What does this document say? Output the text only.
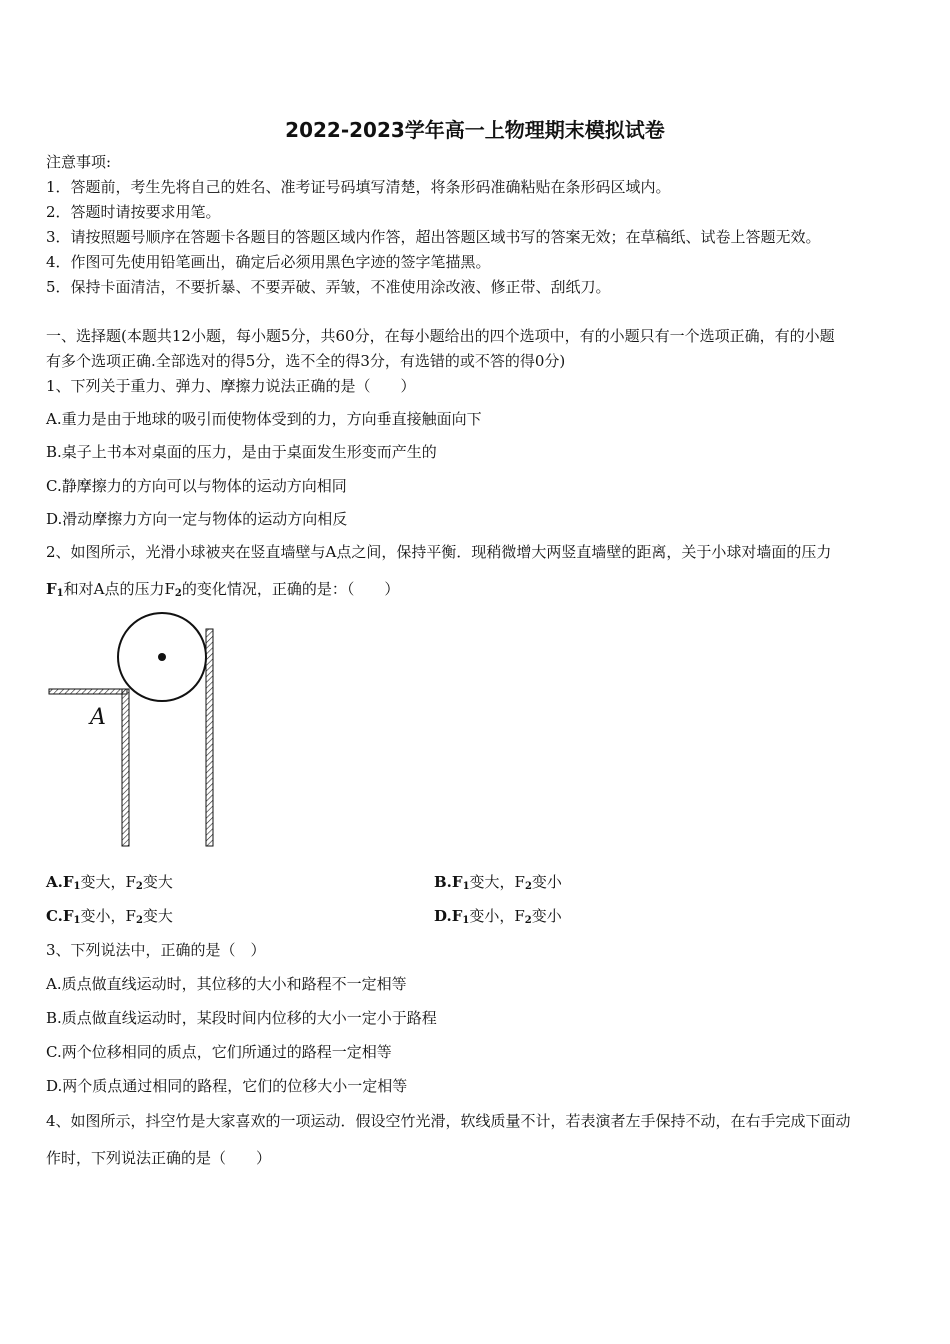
2022-2023学年高一上物理期末模拟试卷
注意事项:
1．答题前，考生先将自己的姓名、准考证号码填写清楚，将条形码准确粘贴在条形码区域内。
2．答题时请按要求用笔。
3．请按照题号顺序在答题卡各题目的答题区域内作答，超出答题区域书写的答案无效；在草稿纸、试卷上答题无效。
4．作图可先使用铅笔画出，确定后必须用黑色字迹的签字笔描黑。
5．保持卡面清洁，不要折暴、不要弄破、弄皱，不准使用涂改液、修正带、刮纸刀。
一、选择题(本题共12小题，每小题5分，共60分，在每小题给出的四个选项中，有的小题只有一个选项正确，有的小题
有多个选项正确.全部选对的得5分，选不全的得3分，有选错的或不答的得0分)
1、下列关于重力、弹力、摩擦力说法正确的是（　　）
A.重力是由于地球的吸引而使物体受到的力，方向垂直接触面向下
B.桌子上书本对桌面的压力，是由于桌面发生形变而产生的
C.静摩擦力的方向可以与物体的运动方向相同
D.滑动摩擦力方向一定与物体的运动方向相反
2、如图所示，光滑小球被夹在竖直墙壁与A点之间，保持平衡．现稍微增大两竖直墙壁的距离，关于小球对墙面的压力
$F_1$和对A点的压力$F_2$的变化情况，正确的是：（　　）
A
$A.F_1$变大，$F_2$变大	$B.F_1$变大，$F_2$变小
$C.F_1$变小，$F_2$变大	$D.F_1$变小，$F_2$变小
3、下列说法中，正确的是（　）
A.质点做直线运动时，其位移的大小和路程不一定相等
B.质点做直线运动时，某段时间内位移的大小一定小于路程
C.两个位移相同的质点，它们所通过的路程一定相等
D.两个质点通过相同的路程，它们的位移大小一定相等
4、如图所示，抖空竹是大家喜欢的一项运动．假设空竹光滑，软线质量不计，若表演者左手保持不动，在右手完成下面动
作时，下列说法正确的是（　　）
